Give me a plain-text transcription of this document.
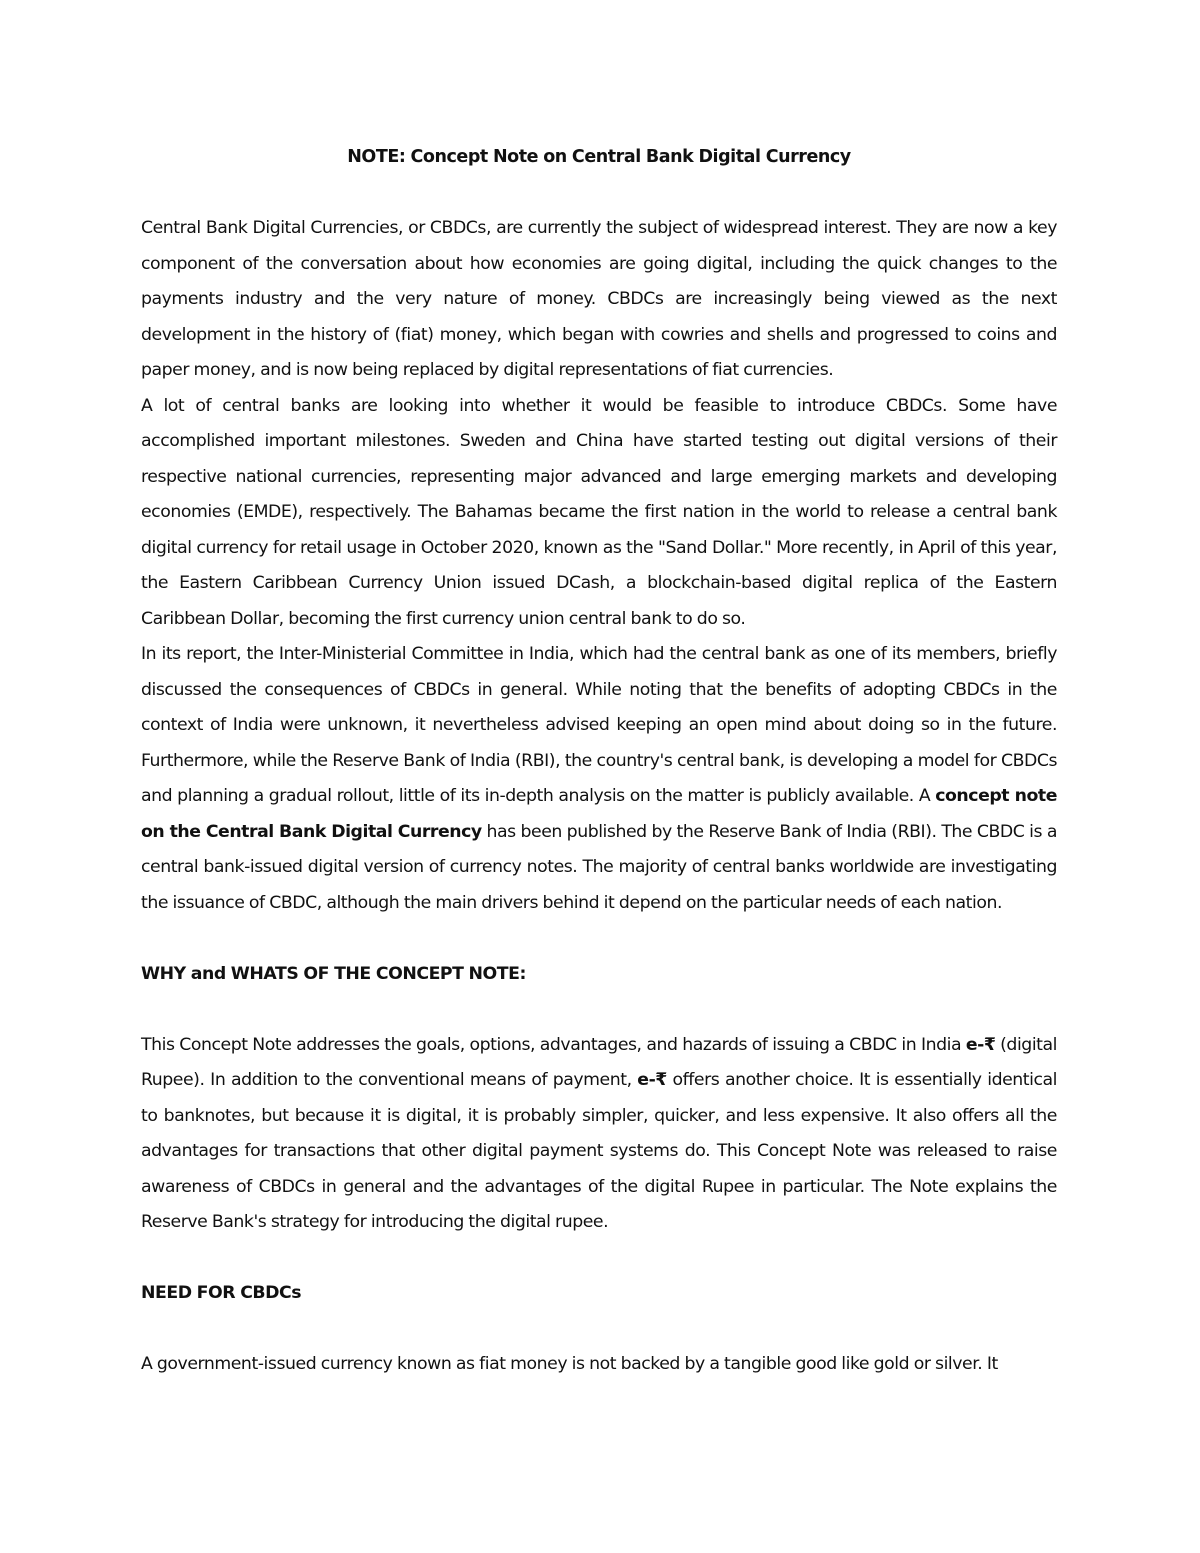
NOTE: Concept Note on Central Bank Digital Currency

Central Bank Digital Currencies, or CBDCs, are currently the subject of widespread interest. They are now a key component of the conversation about how economies are going digital, including the quick changes to the payments industry and the very nature of money. CBDCs are increasingly being viewed as the next development in the history of (fiat) money, which began with cowries and shells and progressed to coins and paper money, and is now being replaced by digital representations of fiat currencies.

A lot of central banks are looking into whether it would be feasible to introduce CBDCs. Some have accomplished important milestones. Sweden and China have started testing out digital versions of their respective national currencies, representing major advanced and large emerging markets and developing economies (EMDE), respectively. The Bahamas became the first nation in the world to release a central bank digital currency for retail usage in October 2020, known as the "Sand Dollar." More recently, in April of this year, the Eastern Caribbean Currency Union issued DCash, a blockchain-based digital replica of the Eastern Caribbean Dollar, becoming the first currency union central bank to do so.

In its report, the Inter-Ministerial Committee in India, which had the central bank as one of its members, briefly discussed the consequences of CBDCs in general. While noting that the benefits of adopting CBDCs in the context of India were unknown, it nevertheless advised keeping an open mind about doing so in the future. Furthermore, while the Reserve Bank of India (RBI), the country's central bank, is developing a model for CBDCs and planning a gradual rollout, little of its in-depth analysis on the matter is publicly available. A concept note on the Central Bank Digital Currency has been published by the Reserve Bank of India (RBI). The CBDC is a central bank-issued digital version of currency notes. The majority of central banks worldwide are investigating the issuance of CBDC, although the main drivers behind it depend on the particular needs of each nation.

WHY and WHATS OF THE CONCEPT NOTE:

This Concept Note addresses the goals, options, advantages, and hazards of issuing a CBDC in India e-₹ (digital Rupee). In addition to the conventional means of payment, e-₹ offers another choice. It is essentially identical to banknotes, but because it is digital, it is probably simpler, quicker, and less expensive. It also offers all the advantages for transactions that other digital payment systems do. This Concept Note was released to raise awareness of CBDCs in general and the advantages of the digital Rupee in particular. The Note explains the Reserve Bank's strategy for introducing the digital rupee.

NEED FOR CBDCs

A government-issued currency known as fiat money is not backed by a tangible good like gold or silver. It
